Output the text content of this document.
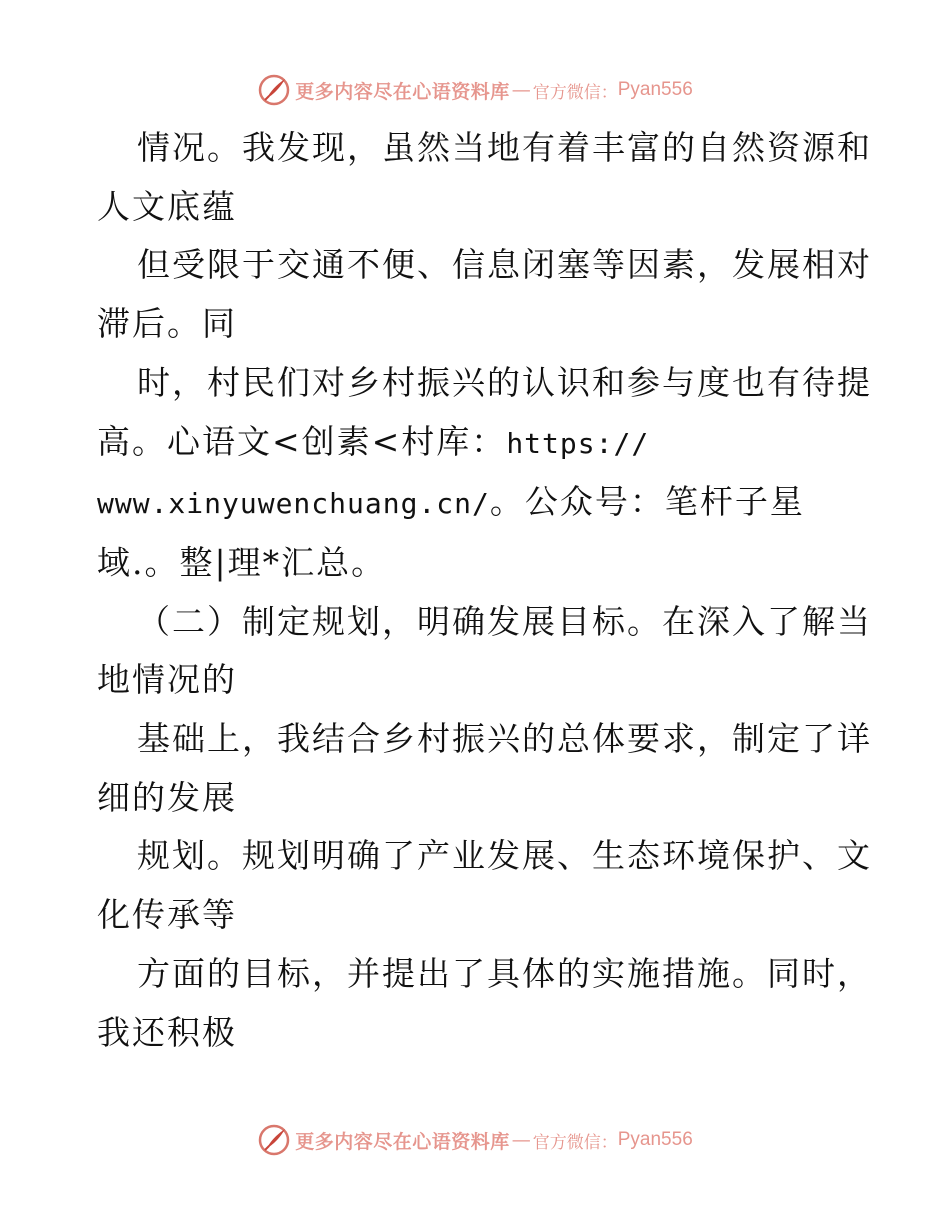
更多内容尽在心语资料库 — 官方微信： Pyan556
情况。我发现，虽然当地有着丰富的自然资源和
人文底蕴
但受限于交通不便、信息闭塞等因素，发展相对
滞后。同
时，村民们对乡村振兴的认识和参与度也有待提
高。心语文<创素<村库：https://
www.xinyuwenchuang.cn/。公众号：笔杆子星
域.。整|理*汇总。
（二）制定规划，明确发展目标。在深入了解当
地情况的
基础上，我结合乡村振兴的总体要求，制定了详
细的发展
规划。规划明确了产业发展、生态环境保护、文
化传承等
方面的目标，并提出了具体的实施措施。同时，
我还积极
更多内容尽在心语资料库 — 官方微信： Pyan556
